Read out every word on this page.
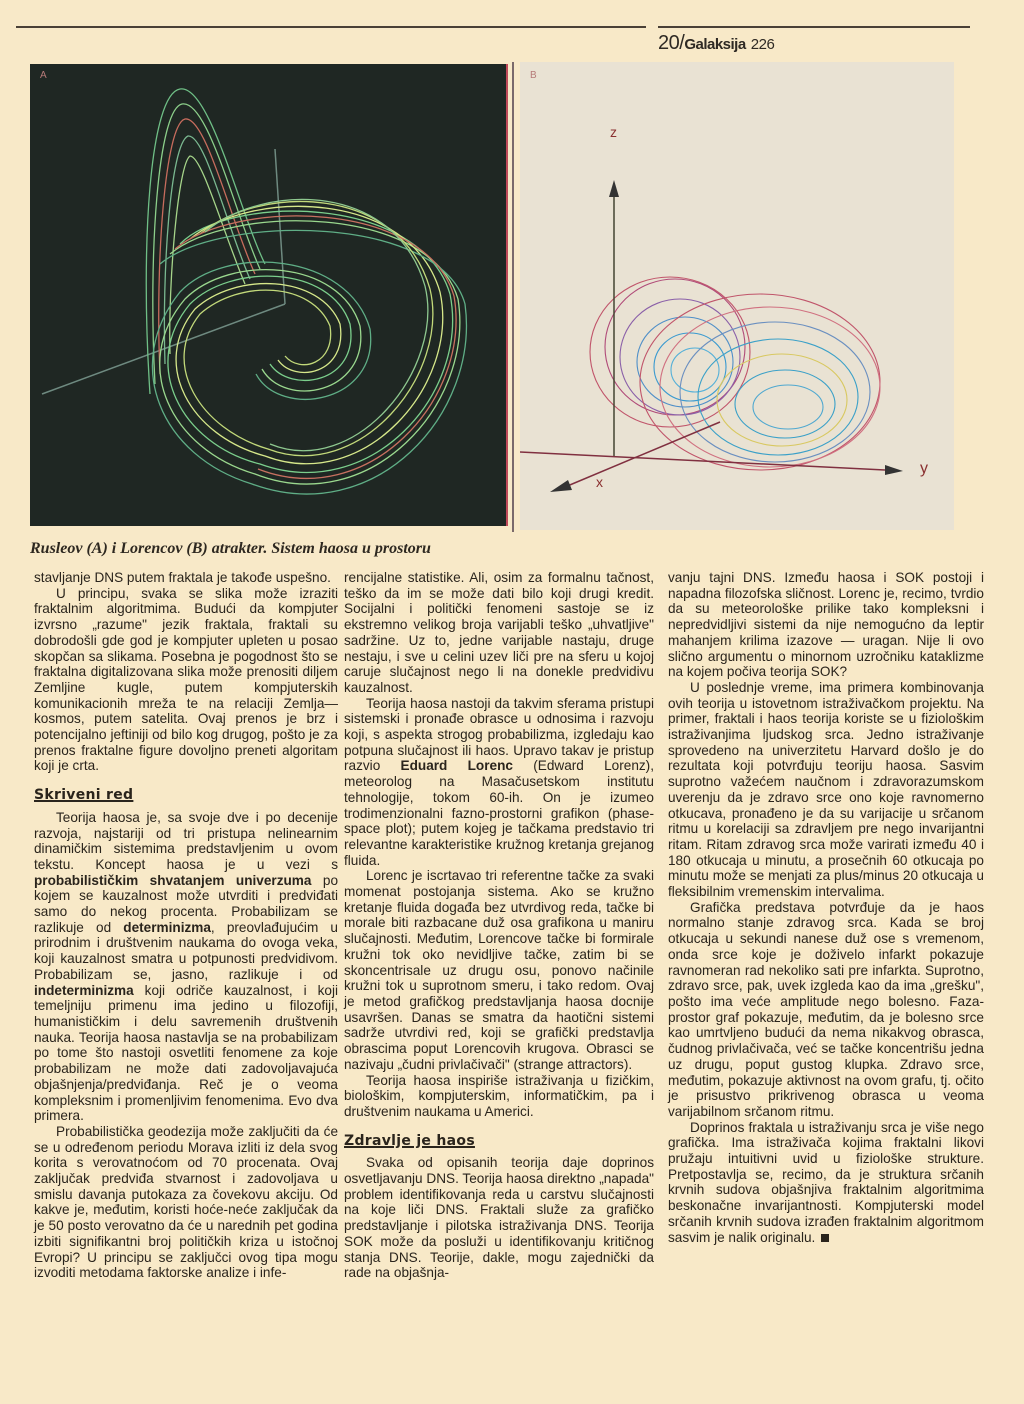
20/Galaksija 226
A	B
z
x
y
Rusleov (A) i Lorencov (B) atrakter. Sistem haosa u prostoru

stavljanje DNS putem fraktala je takođe uspešno.

U principu, svaka se slika može izraziti fraktalnim algoritmima. Budući da kompjuter izvrsno „razume" jezik fraktala, fraktali su dobrodošli gde god je kompjuter upleten u posao skopčan sa slikama. Posebna je pogodnost što se fraktalna digitalizovana slika može prenositi diljem Zemljine kugle, putem kompjuterskih komunikacionih mreža te na relaciji Zemlja—kosmos, putem satelita. Ovaj prenos je brz i potencijalno jeftiniji od bilo kog drugog, pošto je za prenos fraktalne figure dovoljno preneti algoritam koji je crta.

Skriveni red

Teorija haosa je, sa svoje dve i po decenije razvoja, najstariji od tri pristupa nelinearnim dinamičkim sistemima predstavljenim u ovom tekstu. Koncept haosa je u vezi s probabilističkim shvatanjem univerzuma po kojem se kauzalnost može utvrditi i predviđati samo do nekog procenta. Probabilizam se razlikuje od determinizma, preovlađujućim u prirodnim i društvenim naukama do ovoga veka, koji kauzalnost smatra u potpunosti predvidivom. Probabilizam se, jasno, razlikuje i od indeterminizma koji odriče kauzalnost, i koji temeljniju primenu ima jedino u filozofiji, humanističkim i delu savremenih društvenih nauka. Teorija haosa nastavlja se na probabilizam po tome što nastoji osvetliti fenomene za koje probabilizam ne može dati zadovoljavajuća objašnjenja/predviđanja. Reč je o veoma kompleksnim i promenljivim fenomenima. Evo dva primera.

Probabilistička geodezija može zaključiti da će se u određenom periodu Morava izliti iz dela svog korita s verovatnoćom od 70 procenata. Ovaj zaključak predviđa stvarnost i zadovoljava u smislu davanja putokaza za čovekovu akciju. Od kakve je, međutim, koristi hoće-neće zaključak da je 50 posto verovatno da će u narednih pet godina izbiti signifikantni broj političkih kriza u istočnoj Evropi? U principu se zaključci ovog tipa mogu izvoditi metodama faktorske analize i infe-

rencijalne statistike. Ali, osim za formalnu tačnost, teško da im se može dati bilo koji drugi kredit. Socijalni i politički fenomeni sastoje se iz ekstremno velikog broja varijabli teško „uhvatljive" sadržine. Uz to, jedne varijable nastaju, druge nestaju, i sve u celini uzev liči pre na sferu u kojoj caruje slučajnost nego li na donekle predvidivu kauzalnost.

Teorija haosa nastoji da takvim sferama pristupi sistemski i pronađe obrasce u odnosima i razvoju koji, s aspekta strogog probabilizma, izgledaju kao potpuna slučajnost ili haos. Upravo takav je pristup razvio Eduard Lorenc (Edward Lorenz), meteorolog na Masačusetskom institutu tehnologije, tokom 60-ih. On je izumeo trodimenzionalni fazno-prostorni grafikon (phase-space plot); putem kojeg je tačkama predstavio tri relevantne karakteristike kružnog kretanja grejanog fluida.

Lorenc je iscrtavao tri referentne tačke za svaki momenat postojanja sistema. Ako se kružno kretanje fluida događa bez utvrdivog reda, tačke bi morale biti razbacane duž osa grafikona u maniru slučajnosti. Međutim, Lorencove tačke bi formirale kružni tok oko nevidljive tačke, zatim bi se skoncentrisale uz drugu osu, ponovo načinile kružni tok u suprotnom smeru, i tako redom. Ovaj je metod grafičkog predstavljanja haosa docnije usavršen. Danas se smatra da haotični sistemi sadrže utvrdivi red, koji se grafički predstavlja obrascima poput Lorencovih krugova. Obrasci se nazivaju „čudni privlačivači" (strange attractors).

Teorija haosa inspiriše istraživanja u fizičkim, biološkim, kompjuterskim, informatičkim, pa i društvenim naukama u Americi.

Zdravlje je haos

Svaka od opisanih teorija daje doprinos osvetljavanju DNS. Teorija haosa direktno „napada" problem identifikovanja reda u carstvu slučajnosti na koje liči DNS. Fraktali služe za grafičko predstavljanje i pilotska istraživanja DNS. Teorija SOK može da posluži u identifikovanju kritičnog stanja DNS. Teorije, dakle, mogu zajednički da rade na objašnja-

vanju tajni DNS. Između haosa i SOK postoji i napadna filozofska sličnost. Lorenc je, recimo, tvrdio da su meteorološke prilike tako kompleksni i nepredvidljivi sistemi da nije nemogućno da leptir mahanjem krilima izazove — uragan. Nije li ovo slično argumentu o minornom uzročniku kataklizme na kojem počiva teorija SOK?

U poslednje vreme, ima primera kombinovanja ovih teorija u istovetnom istraživačkom projektu. Na primer, fraktali i haos teorija koriste se u fiziološkim istraživanjima ljudskog srca. Jedno istraživanje sprovedeno na univerzitetu Harvard došlo je do rezultata koji potvrđuju teoriju haosa. Sasvim suprotno važećem naučnom i zdravorazumskom uverenju da je zdravo srce ono koje ravnomerno otkucava, pronađeno je da su varijacije u srčanom ritmu u korelaciji sa zdravljem pre nego invarijantni ritam. Ritam zdravog srca može varirati između 40 i 180 otkucaja u minutu, a prosečnih 60 otkucaja po minutu može se menjati za plus/minus 20 otkucaja u fleksibilnim vremenskim intervalima.

Grafička predstava potvrđuje da je haos normalno stanje zdravog srca. Kada se broj otkucaja u sekundi nanese duž ose s vremenom, onda srce koje je doživelo infarkt pokazuje ravnomeran rad nekoliko sati pre infarkta. Suprotno, zdravo srce, pak, uvek izgleda kao da ima „grešku", pošto ima veće amplitude nego bolesno. Faza-prostor graf pokazuje, međutim, da je bolesno srce kao umrtvljeno budući da nema nikakvog obrasca, čudnog privlačivača, već se tačke koncentrišu jedna uz drugu, poput gustog klupka. Zdravo srce, međutim, pokazuje aktivnost na ovom grafu, tj. očito je prisustvo prikrivenog obrasca u veoma varijabilnom srčanom ritmu.

Doprinos fraktala u istraživanju srca je više nego grafička. Ima istraživača kojima fraktalni likovi pružaju intuitivni uvid u fiziološke strukture. Pretpostavlja se, recimo, da je struktura srčanih krvnih sudova objašnjiva fraktalnim algoritmima beskonačne invarijantnosti. Kompjuterski model srčanih krvnih sudova izrađen fraktalnim algoritmom sasvim je nalik originalu.
